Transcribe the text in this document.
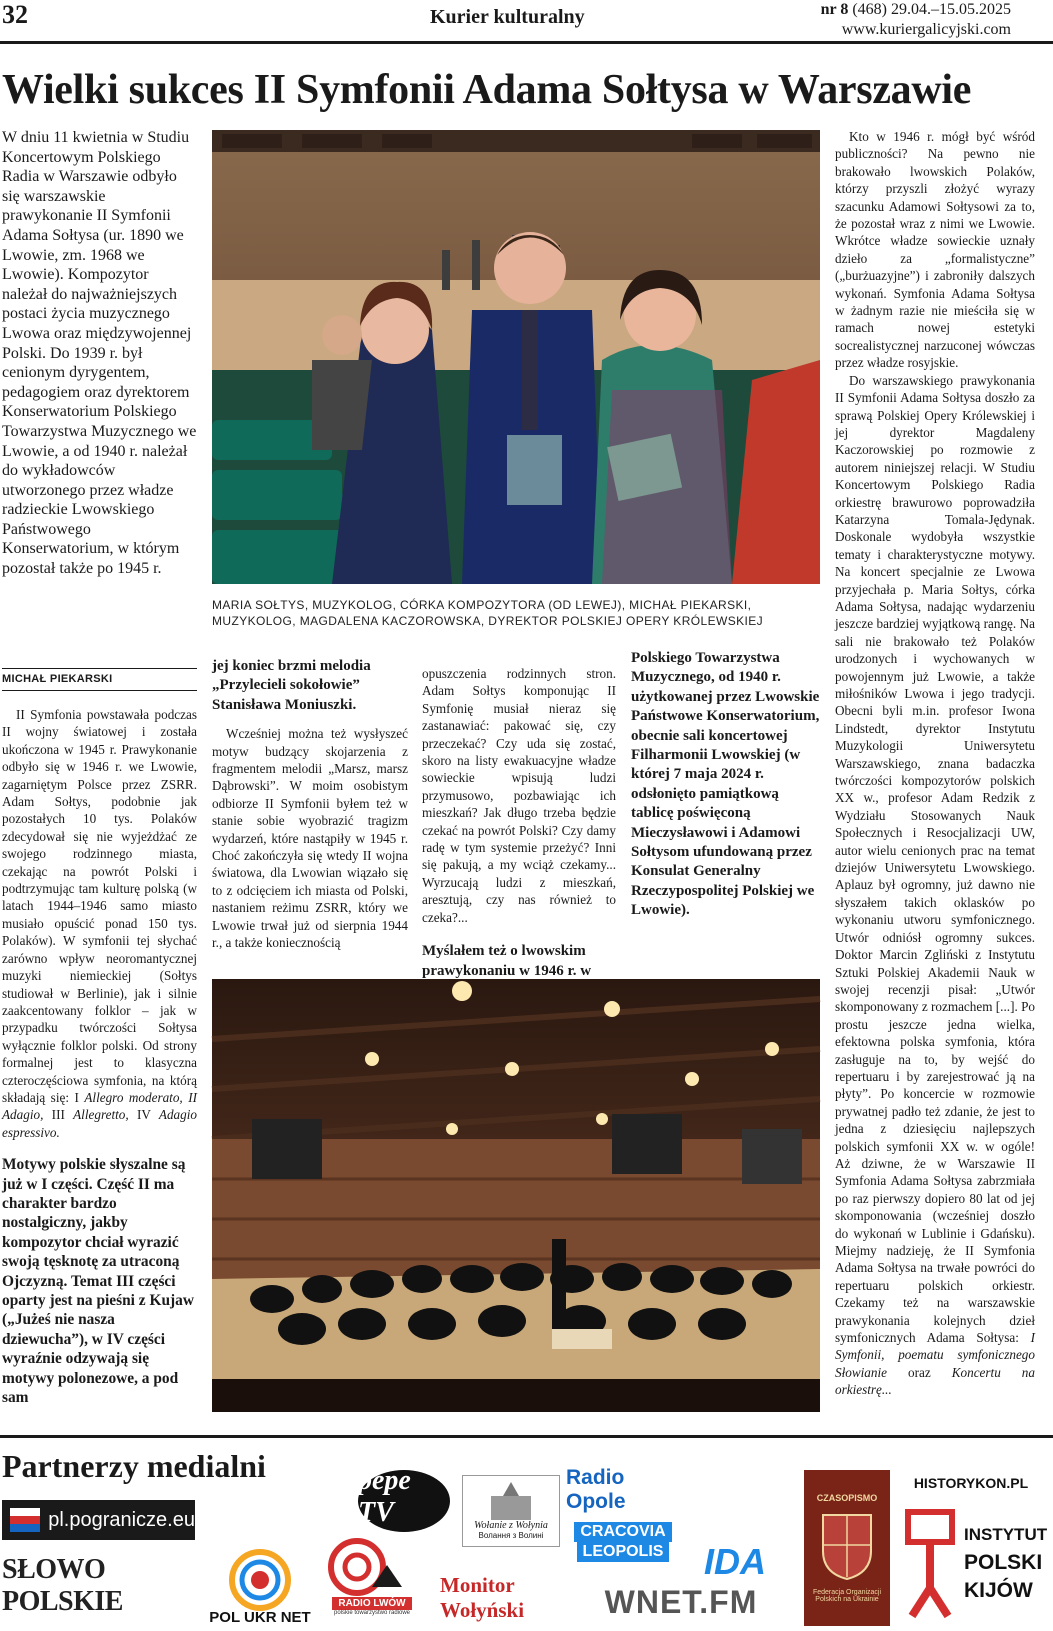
32	Kurier kulturalny	nr 8 (468) 29.04.–15.05.2025
www.kuriergalicyjski.com
Wielki sukces II Symfonii Adama Sołtysa w Warszawie
W dniu 11 kwietnia w Studiu Koncertowym Polskiego Radia w Warszawie odbyło się warszawskie prawykonanie II Symfonii Adama Sołtysa (ur. 1890 we Lwowie, zm. 1968 we Lwowie). Kompozytor należał do najważniejszych postaci życia muzycznego Lwowa oraz międzywojennej Polski. Do 1939 r. był cenionym dyrygentem, pedagogiem oraz dyrektorem Konserwatorium Polskiego Towarzystwa Muzycznego we Lwowie, a od 1940 r. należał do wykładowców utworzonego przez władze radzieckie Lwowskiego Państwowego Konserwatorium, w którym pozostał także po 1945 r.
MICHAŁ PIEKARSKI
MARIA SOŁTYS, MUZYKOLOG, CÓRKA KOMPOZYTORA (OD LEWEJ), MICHAŁ PIEKARSKI, MUZYKOLOG, MAGDALENA KACZOROWSKA, DYREKTOR POLSKIEJ OPERY KRÓLEWSKIEJ

II Symfonia powstawała podczas II wojny światowej i została ukończona w 1945 r. Prawykonanie odbyło się w 1946 r. we Lwowie, zagarniętym Polsce przez ZSRR. Adam Sołtys, podobnie jak pozostałych 10 tys. Polaków zdecydował się nie wyjeżdżać ze swojego rodzinnego miasta, czekając na powrót Polski i podtrzymując tam kulturę polską (w latach 1944–1946 samo miasto musiało opuścić ponad 150 tys. Polaków). W symfonii tej słychać zarówno wpływ neoromantycznej muzyki niemieckiej (Sołtys studiował w Berlinie), jak i silnie zaakcentowany folklor – jak w przypadku twórczości Sołtysa wyłącznie folklor polski. Od strony formalnej jest to klasyczna czteroczęściowa symfonia, na którą składają się: I Allegro moderato, II Adagio, III Allegretto, IV Adagio espressivo.

Motywy polskie słyszalne są już w I części. Część II ma charakter bardzo nostalgiczny, jakby kompozytor chciał wyrazić swoją tęsknotę za utraconą Ojczyzną. Temat III części oparty jest na pieśni z Kujaw („Jużeś nie nasza dziewucha”), w IV części wyraźnie odzywają się motywy polonezowe, a pod sam
jej koniec brzmi melodia „Przylecieli sokołowie” Stanisława Moniuszki.

Wcześniej można też wysłyszeć motyw budzący skojarzenia z fragmentem melodii „Marsz, marsz Dąbrowski”. W moim osobistym odbiorze II Symfonii byłem też w stanie sobie wyobrazić tragizm wydarzeń, które nastąpiły w 1945 r. Choć zakończyła się wtedy II wojna światowa, dla Lwowian wiązało się to z odcięciem ich miasta od Polski, nastaniem reżimu ZSRR, który we Lwowie trwał już od sierpnia 1944 r., a także koniecznością

opuszczenia rodzinnych stron. Adam Sołtys komponując II Symfonię musiał nieraz się zastanawiać: pakować się, czy przeczekać? Czy uda się zostać, skoro na listy ewakuacyjne władze sowieckie wpisują ludzi przymusowo, pozbawiając ich mieszkań? Jak długo trzeba będzie czekać na powrót Polski? Czy damy radę w tym systemie przeżyć? Inni się pakują, a my wciąż czekamy... Wyrzucają ludzi z mieszkań, aresztują, czy nas również to czeka?...

Myślałem też o lwowskim prawykonaniu w 1946 r. w
Polskiego Towarzystwa Muzycznego, od 1940 r. użytkowanej przez Lwowskie Państwowe Konserwatorium, obecnie sali koncertowej Filharmonii Lwowskiej (w której 7 maja 2024 r. odsłonięto pamiątkową tablicę poświęconą Mieczysławowi i Adamowi Sołtysom ufundowaną przez Konsulat Generalny Rzeczypospolitej Polskiej we Lwowie).

Kto w 1946 r. mógł być wśród publiczności? Na pewno nie brakowało lwowskich Polaków, którzy przyszli złożyć wyrazy szacunku Adamowi Sołtysowi za to, że pozostał wraz z nimi we Lwowie. Wkrótce władze sowieckie uznały dzieło za „formalistyczne” („burżuazyjne”) i zabroniły dalszych wykonań. Symfonia Adama Sołtysa w żadnym razie nie mieściła się w ramach nowej estetyki socrealistycznej narzuconej wówczas przez władze rosyjskie.

Do warszawskiego prawykonania II Symfonii Adama Sołtysa doszło za sprawą Polskiej Opery Królewskiej i jej dyrektor Magdaleny Kaczorowskiej po rozmowie z autorem niniejszej relacji. W Studiu Koncertowym Polskiego Radia orkiestrę brawurowo poprowadziła Katarzyna Tomala-Jędynak. Doskonale wydobyła wszystkie tematy i charakterystyczne motywy. Na koncert specjalnie ze Lwowa przyjechała p. Maria Sołtys, córka Adama Sołtysa, nadając wydarzeniu jeszcze bardziej wyjątkową rangę. Na sali nie brakowało też Polaków urodzonych i wychowanych w powojennym już Lwowie, a także miłośników Lwowa i jego tradycji. Obecni byli m.in. profesor Iwona Lindstedt, dyrektor Instytutu Muzykologii Uniwersytetu Warszawskiego, znana badaczka twórczości kompozytorów polskich XX w., profesor Adam Redzik z Wydziału Stosowanych Nauk Społecznych i Resocjalizacji UW, autor wielu cenionych prac na temat dziejów Uniwersytetu Lwowskiego. Aplauz był ogromny, już dawno nie słyszałem takich oklasków po wykonaniu utworu symfonicznego. Utwór odniósł ogromny sukces. Doktor Marcin Zgliński z Instytutu Sztuki Polskiej Akademii Nauk w swojej recenzji pisał: „Utwór skomponowany z rozmachem [...]. Po prostu jeszcze jedna wielka, efektowna polska symfonia, która zasługuje na to, by wejść do repertuaru i by zarejestrować ją na płyty”. Po koncercie w rozmowie prywatnej padło też zdanie, że jest to jedna z dziesięciu najlepszych polskich symfonii XX w. w ogóle! Aż dziwne, że w Warszawie II Symfonia Adama Sołtysa zabrzmiała po raz pierwszy dopiero 80 lat od jej skomponowania (wcześniej doszło do wykonań w Lublinie i Gdańsku). Miejmy nadzieję, że II Symfonia Adama Sołtysa na trwałe powróci do repertuaru polskich orkiestr. Czekamy też na warszawskie prawykonania kolejnych dzieł symfonicznych Adama Sołtysa: I Symfonii, poematu symfonicznego Słowianie oraz Koncertu na orkiestrę...

Partnerzy medialni
pl.pogranicze.eu
SŁOWO POLSKIE
POL UKR NET
pepe TV
www.pepe-tv.eu
RADIO LWÓW
polskie towarzystwo radiowe
Wołanie z Wołynia
Волання з Волині
Monitor Wołyński
Radio Opole
CRACOVIA
LEOPOLIS IDA
WNET.FM
CZASOPISMO
Federacja Organizacji Polskich na Ukrainie
HISTORYKON.PL
INSTYTUT
POLSKI
KIJÓW
